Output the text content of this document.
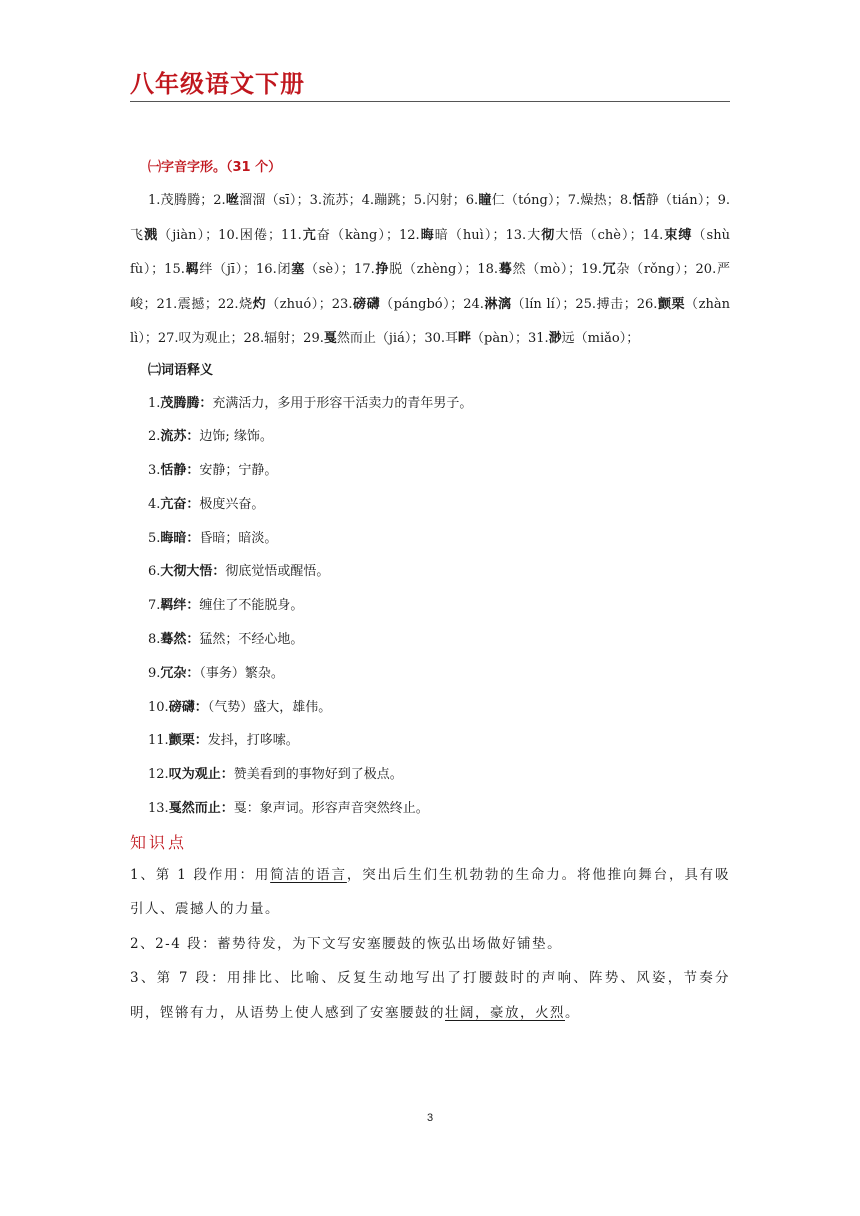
八年级语文下册
㈠字音字形。（31 个）
1.茂腾腾；2.咝溜溜（sī）；3.流苏；4.蹦跳；5.闪射；6.瞳仁（tóng）；7.燥热；8.恬静（tián）；9.飞溅（jiàn）；10.困倦；11.亢奋（kàng）；12.晦暗（huì）；13.大彻大悟（chè）；14.束缚（shù fù）；15.羁绊（jī）；16.闭塞（sè）；17.挣脱（zhèng）；18.蓦然（mò）；19.冗杂（rǒng）；20.严峻；21.震撼；22.烧灼（zhuó）；23.磅礴（pángbó）；24.淋漓（lín lí）；25.搏击；26.颤栗（zhàn lì）；27.叹为观止；28.辐射；29.戛然而止（jiá）；30.耳畔（pàn）；31.渺远（miǎo）；
㈡词语释义
1.茂腾腾：充满活力，多用于形容干活卖力的青年男子。
2.流苏：边饰; 缘饰。
3.恬静：安静；宁静。
4.亢奋：极度兴奋。
5.晦暗：昏暗；暗淡。
6.大彻大悟：彻底觉悟或醒悟。
7.羁绊：缠住了不能脱身。
8.蓦然：猛然；不经心地。
9.冗杂：（事务）繁杂。
10.磅礴：（气势）盛大，雄伟。
11.颤栗：发抖，打哆嗦。
12.叹为观止：赞美看到的事物好到了极点。
13.戛然而止：戛：象声词。形容声音突然终止。
知识点
1、第 1 段作用：用简洁的语言，突出后生们生机勃勃的生命力。将他推向舞台，具有吸引人、震撼人的力量。
2、2-4 段：蓄势待发，为下文写安塞腰鼓的恢弘出场做好铺垫。
3、第 7 段：用排比、比喻、反复生动地写出了打腰鼓时的声响、阵势、风姿，节奏分明，铿锵有力，从语势上使人感到了安塞腰鼓的壮阔，豪放，火烈。
3
